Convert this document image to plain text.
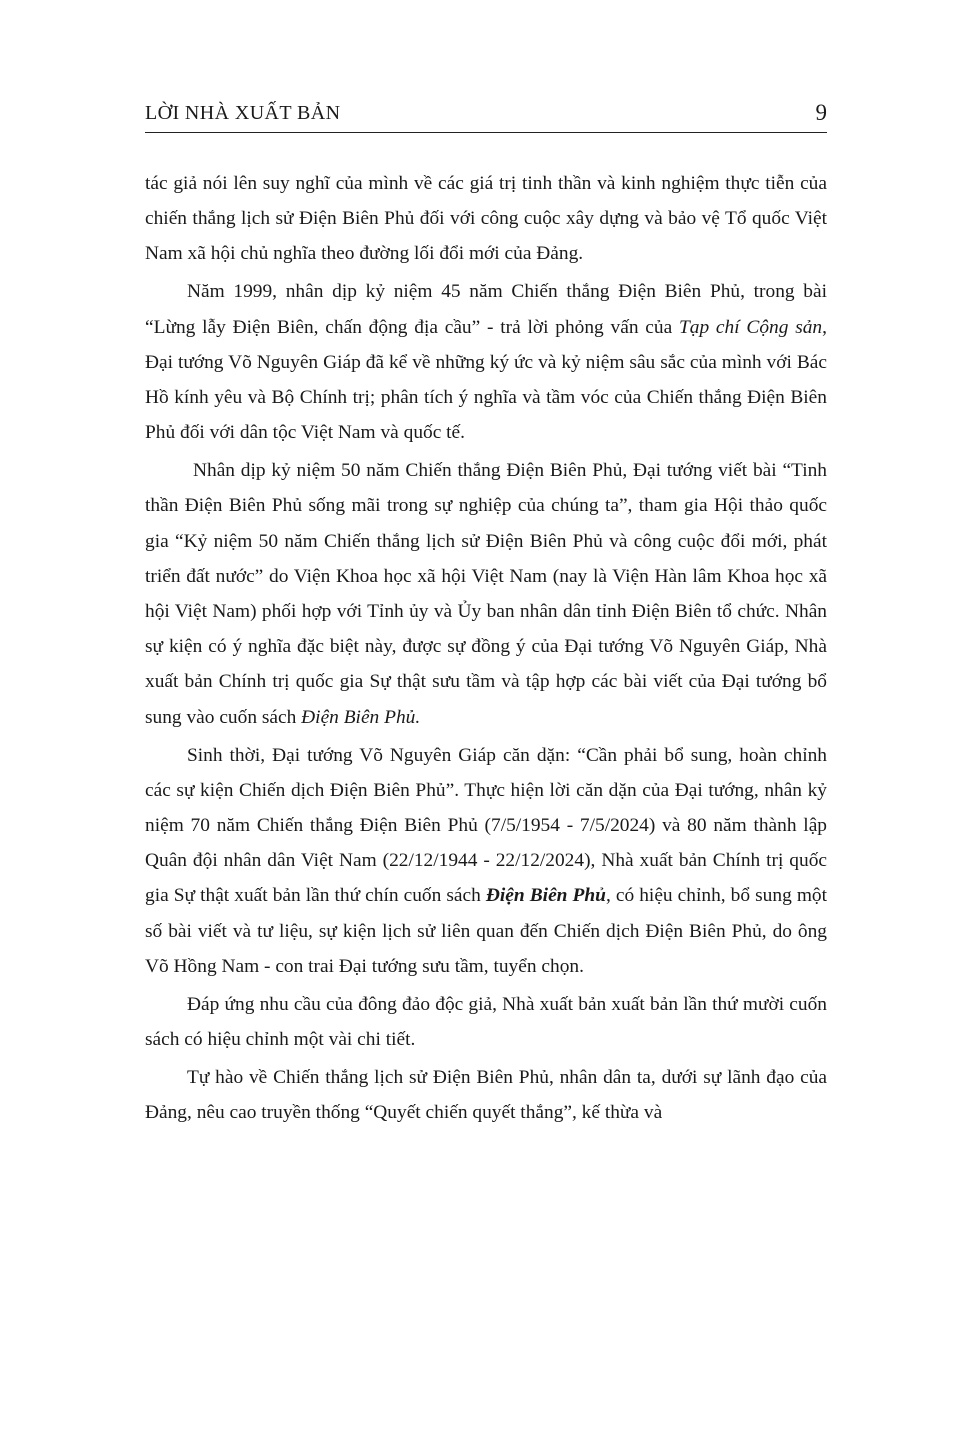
LỜI NHÀ XUẤT BẢN	9

tác giả nói lên suy nghĩ của mình về các giá trị tinh thần và kinh nghiệm thực tiễn của chiến thắng lịch sử Điện Biên Phủ đối với công cuộc xây dựng và bảo vệ Tổ quốc Việt Nam xã hội chủ nghĩa theo đường lối đổi mới của Đảng.

Năm 1999, nhân dịp kỷ niệm 45 năm Chiến thắng Điện Biên Phủ, trong bài “Lừng lẫy Điện Biên, chấn động địa cầu” - trả lời phỏng vấn của Tạp chí Cộng sản, Đại tướng Võ Nguyên Giáp đã kể về những ký ức và kỷ niệm sâu sắc của mình với Bác Hồ kính yêu và Bộ Chính trị; phân tích ý nghĩa và tầm vóc của Chiến thắng Điện Biên Phủ đối với dân tộc Việt Nam và quốc tế.

Nhân dịp kỷ niệm 50 năm Chiến thắng Điện Biên Phủ, Đại tướng viết bài “Tinh thần Điện Biên Phủ sống mãi trong sự nghiệp của chúng ta”, tham gia Hội thảo quốc gia “Kỷ niệm 50 năm Chiến thắng lịch sử Điện Biên Phủ và công cuộc đổi mới, phát triển đất nước” do Viện Khoa học xã hội Việt Nam (nay là Viện Hàn lâm Khoa học xã hội Việt Nam) phối hợp với Tỉnh ủy và Ủy ban nhân dân tỉnh Điện Biên tổ chức. Nhân sự kiện có ý nghĩa đặc biệt này, được sự đồng ý của Đại tướng Võ Nguyên Giáp, Nhà xuất bản Chính trị quốc gia Sự thật sưu tầm và tập hợp các bài viết của Đại tướng bổ sung vào cuốn sách Điện Biên Phủ.

Sinh thời, Đại tướng Võ Nguyên Giáp căn dặn: “Cần phải bổ sung, hoàn chỉnh các sự kiện Chiến dịch Điện Biên Phủ”. Thực hiện lời căn dặn của Đại tướng, nhân kỷ niệm 70 năm Chiến thắng Điện Biên Phủ (7/5/1954 - 7/5/2024) và 80 năm thành lập Quân đội nhân dân Việt Nam (22/12/1944 - 22/12/2024), Nhà xuất bản Chính trị quốc gia Sự thật xuất bản lần thứ chín cuốn sách Điện Biên Phủ, có hiệu chỉnh, bổ sung một số bài viết và tư liệu, sự kiện lịch sử liên quan đến Chiến dịch Điện Biên Phủ, do ông Võ Hồng Nam - con trai Đại tướng sưu tầm, tuyển chọn.

Đáp ứng nhu cầu của đông đảo độc giả, Nhà xuất bản xuất bản lần thứ mười cuốn sách có hiệu chỉnh một vài chi tiết.

Tự hào về Chiến thắng lịch sử Điện Biên Phủ, nhân dân ta, dưới sự lãnh đạo của Đảng, nêu cao truyền thống “Quyết chiến quyết thắng”, kế thừa và
